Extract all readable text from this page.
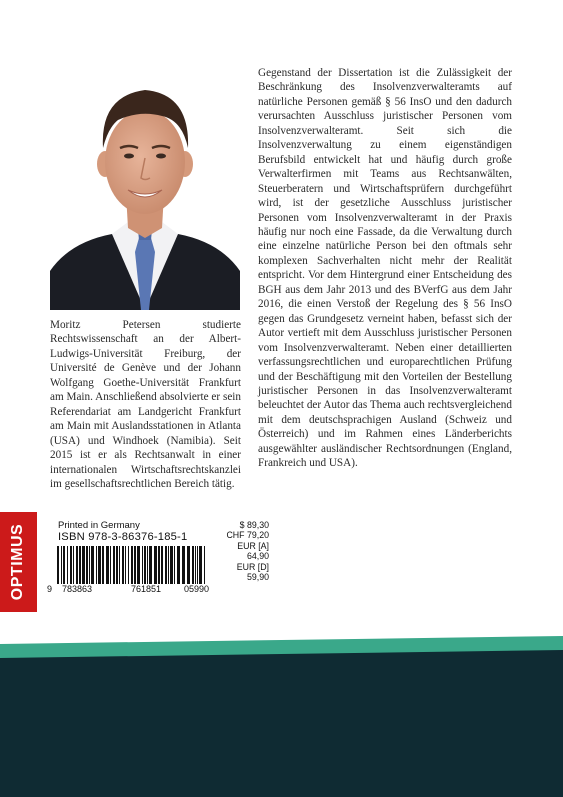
Moritz Petersen studierte Rechtswissenschaft an der Albert-Ludwigs-Universität Freiburg, der Université de Genève und der Johann Wolfgang Goethe-Universität Frankfurt am Main. Anschließend absolvierte er sein Referendariat am Landgericht Frankfurt am Main mit Auslandsstationen in Atlanta (USA) und Windhoek (Namibia). Seit 2015 ist er als Rechtsanwalt in einer internationalen Wirtschaftsrechtskanzlei im gesellschaftsrechtlichen Bereich tätig.
Gegenstand der Dissertation ist die Zulässigkeit der Beschränkung des Insolvenzverwalteramts auf natürliche Personen gemäß § 56 InsO und den dadurch verursachten Ausschluss juristischer Personen vom Insolvenzverwalteramt. Seit sich die Insolvenzverwaltung zu einem eigenständigen Berufsbild entwickelt hat und häufig durch große Verwalterfirmen mit Teams aus Rechtsanwälten, Steuerberatern und Wirtschaftsprüfern durchgeführt wird, ist der gesetzliche Ausschluss juristischer Personen vom Insolvenzverwalteramt in der Praxis häufig nur noch eine Fassade, da die Verwaltung durch eine einzelne natürliche Person bei den oftmals sehr komplexen Sachverhalten nicht mehr der Realität entspricht. Vor dem Hintergrund einer Entscheidung des BGH aus dem Jahr 2013 und des BVerfG aus dem Jahr 2016, die einen Verstoß der Regelung des § 56 InsO gegen das Grundgesetz verneint haben, befasst sich der Autor vertieft mit dem Ausschluss juristischer Personen vom Insolvenzverwalteramt. Neben einer detaillierten verfassungsrechtlichen und europarechtlichen Prüfung und der Beschäftigung mit den Vorteilen der Bestellung juristischer Personen in das Insolvenzverwalteramt beleuchtet der Autor das Thema auch rechtsvergleichend mit dem deutschsprachigen Ausland (Schweiz und Österreich) und im Rahmen eines Länderberichts ausgewählter ausländischer Rechtsordnungen (England, Frankreich und USA).
OPTIMUS	Printed in Germany
ISBN 978-3-86376-185-1
9 783863	761851	05990
$ 89,30
CHF 79,20
EUR [A] 64,90
EUR [D] 59,90
